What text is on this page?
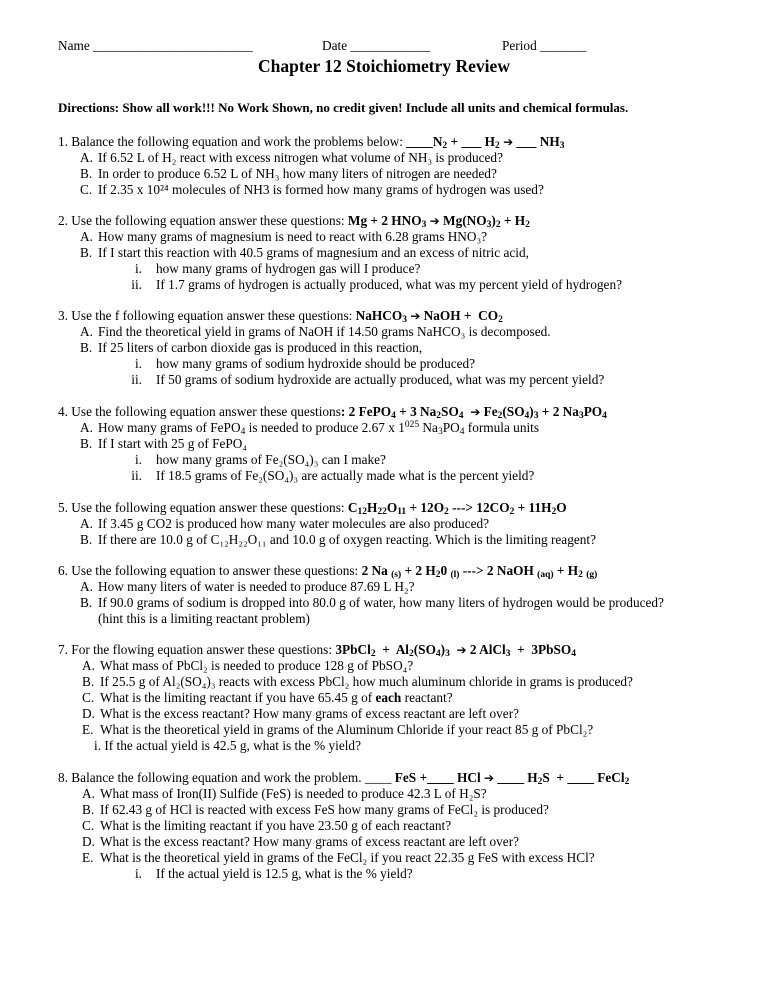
Name ________________________	Date ____________	Period _______
Chapter 12 Stoichiometry Review
Directions: Show all work!!! No Work Shown, no credit given! Include all units and chemical formulas.
1. Balance the following equation and work the problems below: $\_\_\_\_N_2$ + ___ $H_2$ ➔ ___ $NH_3$
A. If 6.52 L of H₂ react with excess nitrogen what volume of NH₃ is produced?
B. In order to produce 6.52 L of NH₃ how many liters of nitrogen are needed?
C. If 2.35 x 10²⁴ molecules of NH3 is formed how many grams of hydrogen was used?
2. Use the following equation answer these questions: Mg + 2 $HNO_3$ ➔ $Mg(NO_3)_2 + H_2$
A. How many grams of magnesium is need to react with 6.28 grams HNO₃?
B. If I start this reaction with 40.5 grams of magnesium and an excess of nitric acid,
i. how many grams of hydrogen gas will I produce?
ii. If 1.7 grams of hydrogen is actually produced, what was my percent yield of hydrogen?
3. Use the f following equation answer these questions: NaHCO$_3$ ➔ NaOH +  $CO_2$
A. Find the theoretical yield in grams of NaOH if 14.50 grams NaHCO₃ is decomposed.
B. If 25 liters of carbon dioxide gas is produced in this reaction,
i. how many grams of sodium hydroxide should be produced?
ii. If 50 grams of sodium hydroxide are actually produced, what was my percent yield?
4. Use the following equation answer these questions: 2 FePO$_4$ + 3 $Na_2SO_4$ ➔ $Fe_2(SO_4)_3 + 2$ $Na_3PO_4$
A. How many grams of FePO$_4$ is needed to produce 2.67 x $1^{025}$ $Na_3PO_4$ formula units
B. If I start with 25 g of FePO₄
i. how many grams of Fe₂(SO₄)₃ can I make?
ii. If 18.5 grams of Fe₂(SO₄)₃ are actually made what is the percent yield?
5. Use the following equation answer these questions: $C_{12}H_{22}O_{11} + 12O_2$ ---> $12CO_2 + 11H_2O$
A. If 3.45 g CO2 is produced how many water molecules are also produced?
B. If there are 10.0 g of C₁₂H₂₂O₁₁ and 10.0 g of oxygen reacting. Which is the limiting reagent?
6. Use the following equation to answer these questions: 2 Na $_{(s)}$ + 2 $H_20$ $_{(l)}$ ---> 2 NaOH $_{(aq)} + H_2$ $_{(g)}$
A. How many liters of water is needed to produce 87.69 L H₂?
B. If 90.0 grams of sodium is dropped into 80.0 g of water, how many liters of hydrogen would be produced?
(hint this is a limiting reactant problem)
7. For the flowing equation answer these questions: 3PbCl$_2$  +  $Al_2(SO_4)_3$ ➔ 2 AlCl$_3$  +  3PbSO$_4$
A. What mass of PbCl₂ is needed to produce 128 g of PbSO₄?
B. If 25.5 g of Al₂(SO₄)₃ reacts with excess PbCl₂ how much aluminum chloride in grams is produced?
C. What is the limiting reactant if you have 65.45 g of each reactant?
D. What is the excess reactant? How many grams of excess reactant are left over?
E. What is the theoretical yield in grams of the Aluminum Chloride if your react 85 g of PbCl₂?
i. If the actual yield is 42.5 g, what is the % yield?
8. Balance the following equation and work the problem. ____ FeS +____ HCl ➔ ____ $H_2S$  + ____ FeCl$_2$
A. What mass of Iron(II) Sulfide (FeS) is needed to produce 42.3 L of H₂S?
B. If 62.43 g of HCl is reacted with excess FeS how many grams of FeCl₂ is produced?
C. What is the limiting reactant if you have 23.50 g of each reactant?
D. What is the excess reactant? How many grams of excess reactant are left over?
E. What is the theoretical yield in grams of the FeCl₂ if you react 22.35 g FeS with excess HCl?
i. If the actual yield is 12.5 g, what is the % yield?
